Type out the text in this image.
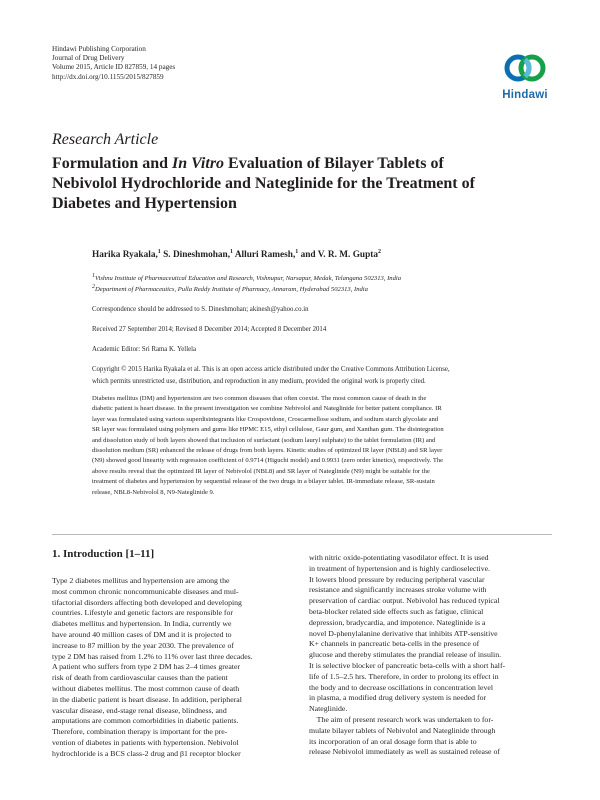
Hindawi Publishing Corporation
Journal of Drug Delivery
Volume 2015, Article ID 827859, 14 pages
http://dx.doi.org/10.1155/2015/827859
Hindawi
Research Article
Formulation and In Vitro Evaluation of Bilayer Tablets of
Nebivolol Hydrochloride and Nateglinide for the Treatment of
Diabetes and Hypertension
Harika Ryakala,$^1$ S. Dineshmohan,$^1$ Alluri Ramesh,$^1$ and V. R. M. Gupta$^2$
$^1$Vishnu Institute of Pharmaceutical Education and Research, Vishnupur, Narsapur, Medak, Telangana 502313, India
$^2$Department of Pharmaceutics, Pulla Reddy Institute of Pharmacy, Annaram, Hyderabad 502313, India
Correspondence should be addressed to S. Dineshmohan; akinesh@yahoo.co.in
Received 27 September 2014; Revised 8 December 2014; Accepted 8 December 2014
Academic Editor: Sri Rama K. Yellela
Copyright © 2015 Harika Ryakala et al. This is an open access article distributed under the Creative Commons Attribution License,
which permits unrestricted use, distribution, and reproduction in any medium, provided the original work is properly cited.
Diabetes mellitus (DM) and hypertension are two common diseases that often coexist. The most common cause of death in the
diabetic patient is heart disease. In the present investigation we combine Nebivolol and Nateglinide for better patient compliance. IR
layer was formulated using various superdisintegrants like Crospovidone, Croscarmellose sodium, and sodium starch glycolate and
SR layer was formulated using polymers and gums like HPMC E15, ethyl cellulose, Gaur gum, and Xanthan gum. The disintegration
and dissolution study of both layers showed that inclusion of surfactant (sodium lauryl sulphate) to the tablet formulation (IR) and
dissolution medium (SR) enhanced the release of drugs from both layers. Kinetic studies of optimized IR layer (NBL8) and SR layer
(N9) showed good linearity with regression coefficient of 0.9714 (Higuchi model) and 0.9931 (zero order kinetics), respectively. The
above results reveal that the optimized IR layer of Nebivolol (NBL8) and SR layer of Nateglinide (N9) might be suitable for the
treatment of diabetes and hypertension by sequential release of the two drugs in a bilayer tablet. IR-immediate release, SR-sustain
release, NBL8-Nebivolol 8, N9-Nateglinide 9.
1. Introduction [1–11]
Type 2 diabetes mellitus and hypertension are among the
most common chronic noncommunicable diseases and mul-
tifactorial disorders affecting both developed and developing
countries. Lifestyle and genetic factors are responsible for
diabetes mellitus and hypertension. In India, currently we
have around 40 million cases of DM and it is projected to
increase to 87 million by the year 2030. The prevalence of
type 2 DM has raised from 1.2% to 11% over last three decades.
A patient who suffers from type 2 DM has 2–4 times greater
risk of death from cardiovascular causes than the patient
without diabetes mellitus. The most common cause of death
in the diabetic patient is heart disease. In addition, peripheral
vascular disease, end-stage renal disease, blindness, and
amputations are common comorbidities in diabetic patients.
Therefore, combination therapy is important for the pre-
vention of diabetes in patients with hypertension. Nebivolol
hydrochloride is a BCS class-2 drug and β1 receptor blocker
with nitric oxide-potentiating vasodilator effect. It is used
in treatment of hypertension and is highly cardioselective.
It lowers blood pressure by reducing peripheral vascular
resistance and significantly increases stroke volume with
preservation of cardiac output. Nebivolol has reduced typical
beta-blocker related side effects such as fatigue, clinical
depression, bradycardia, and impotence. Nateglinide is a
novel D-phenylalanine derivative that inhibits ATP-sensitive
K+ channels in pancreatic beta-cells in the presence of
glucose and thereby stimulates the prandial release of insulin.
It is selective blocker of pancreatic beta-cells with a short half-
life of 1.5–2.5 hrs. Therefore, in order to prolong its effect in
the body and to decrease oscillations in concentration level
in plasma, a modified drug delivery system is needed for
Nateglinide.
The aim of present research work was undertaken to for-
mulate bilayer tablets of Nebivolol and Nateglinide through
its incorporation of an oral dosage form that is able to
release Nebivolol immediately as well as sustained release of
